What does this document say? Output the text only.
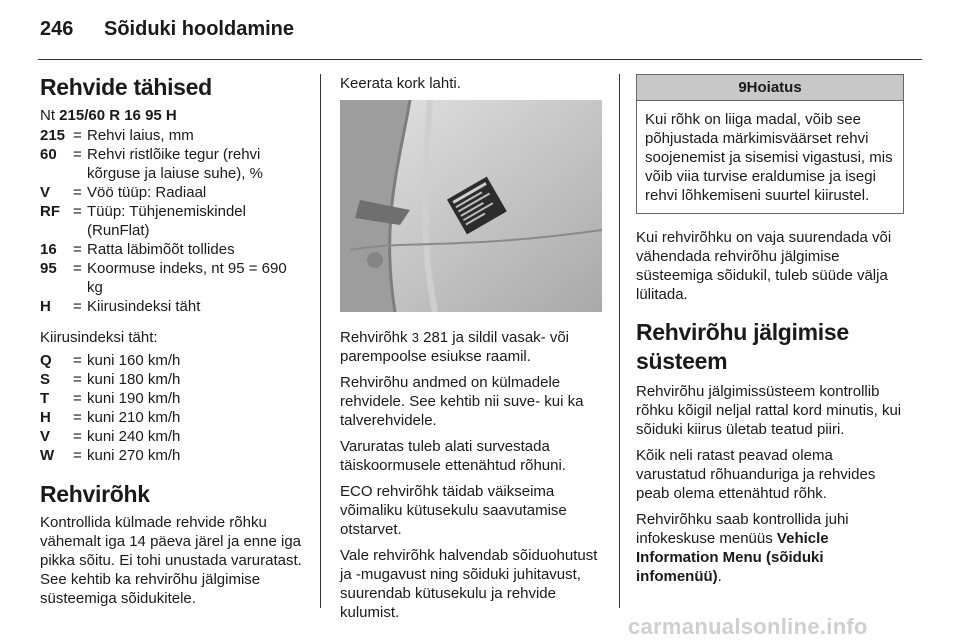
246 Sõiduki hooldamine
Rehvide tähised

Nt 215/60 R 16 95 H

215	=	Rehvi laius, mm
60	=	Rehvi ristlõike tegur (rehvi kõrguse ja laiuse suhe), %
V	=	Vöö tüüp: Radiaal
RF	=	Tüüp: Tühjenemiskindel (RunFlat)
16	=	Ratta läbimõõt tollides
95	=	Koormuse indeks, nt 95 = 690 kg
H	=	Kiirusindeksi täht

Kiirusindeksi täht:

Q	=	kuni 160 km/h
S	=	kuni 180 km/h
T	=	kuni 190 km/h
H	=	kuni 210 km/h
V	=	kuni 240 km/h
W	=	kuni 270 km/h
Rehvirõhk

Kontrollida külmade rehvide rõhku vähemalt iga 14 päeva järel ja enne iga pikka sõitu. Ei tohi unustada varuratast. See kehtib ka rehvirõhu jälgimise süsteemiga sõidukitele.

Keerata kork lahti.

Rehvirõhk 3 281 ja sildil vasak- või parempoolse esiukse raamil.

Rehvirõhu andmed on külmadele rehvidele. See kehtib nii suve- kui ka talverehvidele.

Varuratas tuleb alati survestada täiskoormusele ettenähtud rõhuni.

ECO rehvirõhk täidab väikseima võimaliku kütusekulu saavutamise otstarvet.

Vale rehvirõhk halvendab sõiduohutust ja -mugavust ning sõiduki juhitavust, suurendab kütusekulu ja rehvide kulumist.

9Hoiatus
Kui rõhk on liiga madal, võib see põhjustada märkimisväärset rehvi soojenemist ja sisemisi vigastusi, mis võib viia turvise eraldumise ja isegi rehvi lõhkemiseni suurtel kiirustel.

Kui rehvirõhku on vaja suurendada või vähendada rehvirõhu jälgimise süsteemiga sõidukil, tuleb süüde välja lülitada.

Rehvirõhu jälgimise süsteem

Rehvirõhu jälgimissüsteem kontrollib rõhku kõigil neljal rattal kord minutis, kui sõiduki kiirus ületab teatud piiri.

Kõik neli ratast peavad olema varustatud rõhuanduriga ja rehvides peab olema ettenähtud rõhk.

Rehvirõhku saab kontrollida juhi infokeskuse menüüs Vehicle Information Menu (sõiduki infomenüü).

carmanualsonline.info
